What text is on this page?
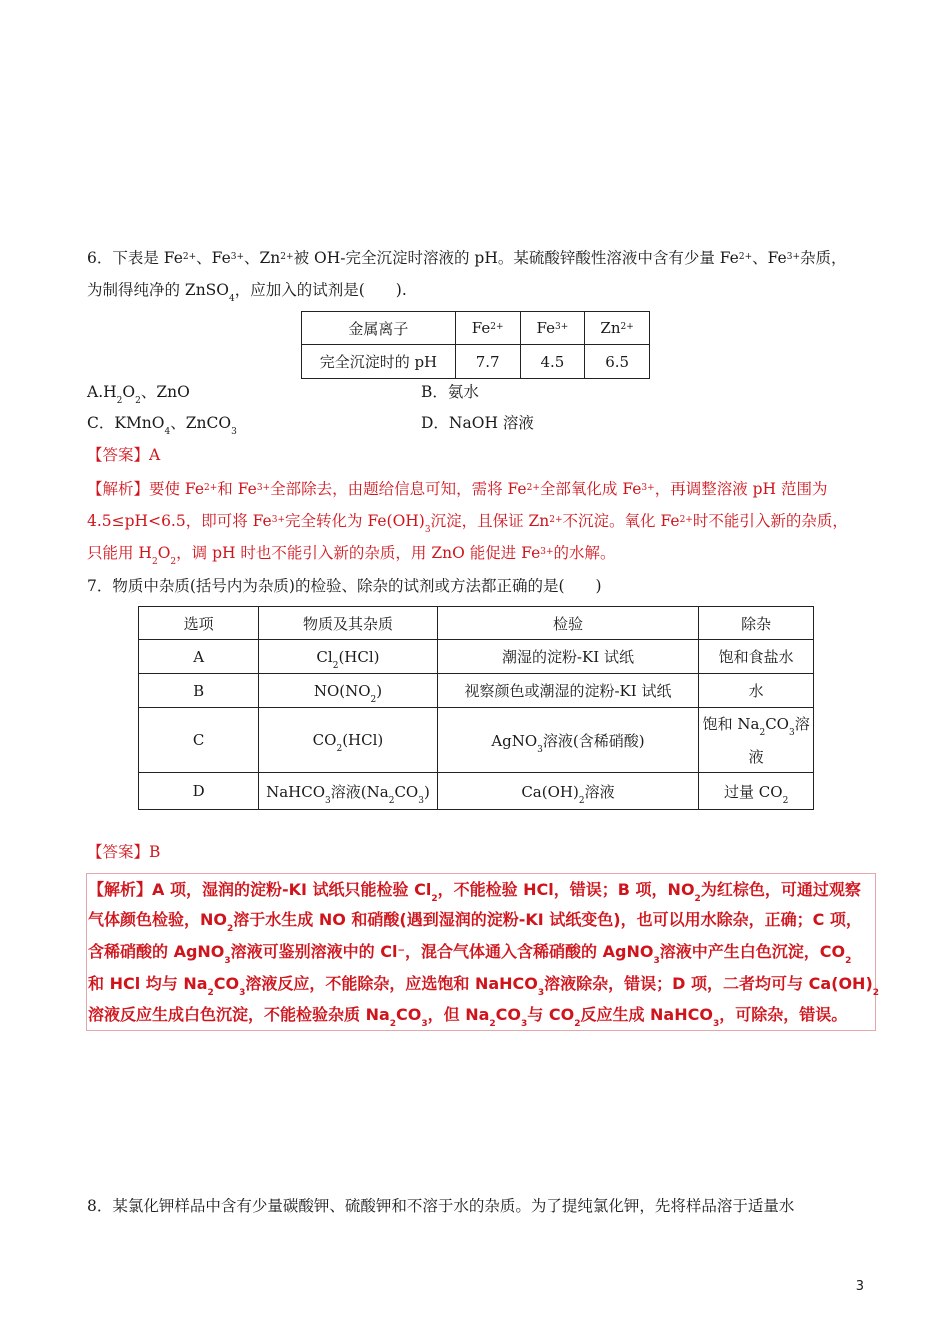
6．下表是 $Fe^{2+}$、$Fe^{3+}$、$Zn^{2+}$被 OH-完全沉淀时溶液的 pH。某硫酸锌酸性溶液中含有少量 $Fe^{2+}$、$Fe^{3+}$杂质，
为制得纯净的 ZnSO$_4$，应加入的试剂是(　　).
金属离子	$Fe^{2+}$	$Fe^{3+}$	$Zn^{2+}$
完全沉淀时的 pH	7.7	4.5	6.5
$A.H_2O_2$、ZnO	B．氨水
C．KMnO$_4$、ZnCO$_3$	D．NaOH 溶液
【答案】A
【解析】要使 $Fe^{2+}$和 $Fe^{3+}$全部除去，由题给信息可知，需将 $Fe^{2+}$全部氧化成 $Fe^{3+}$，再调整溶液 pH 范围为
4.5≤pH<6.5，即可将 $Fe^{3+}$完全转化为 $Fe(OH)_3$沉淀，且保证 $Zn^{2+}$不沉淀。氧化 $Fe^{2+}$时不能引入新的杂质，
只能用 $H_2O_2$，调 pH 时也不能引入新的杂质，用 ZnO 能促进 $Fe^{3+}$的水解。
7．物质中杂质(括号内为杂质)的检验、除杂的试剂或方法都正确的是(　　)
选项	物质及其杂质	检验	除杂
A	$Cl_2(HCl)$	潮湿的淀粉-KI 试纸	饱和食盐水
B	$NO(NO_2)$	视察颜色或潮湿的淀粉-KI 试纸	水
C	$CO_2(HCl)$	AgNO$_3$溶液(含稀硝酸)	饱和 $Na_2CO_3$溶
液
D	NaHCO$_3$溶液$(Na_2CO_3)$	$Ca(OH)_2$溶液	过量 $CO_2$
【答案】B
【解析】A 项，湿润的淀粉-KI 试纸只能检验 $Cl_2$，不能检验 HCl，错误；B 项，$NO_2$为红棕色，可通过观察
气体颜色检验，$NO_2$溶于水生成 NO 和硝酸(遇到湿润的淀粉-KI 试纸变色)，也可以用水除杂，正确；C 项，
含稀硝酸的 AgNO$_3$溶液可鉴别溶液中的 Cl−，混合气体通入含稀硝酸的 AgNO$_3$溶液中产生白色沉淀，$CO_2$
和 HCl 均与 $Na_2CO_3$溶液反应，不能除杂，应选饱和 NaHCO$_3$溶液除杂，错误；D 项，二者均可与 $Ca(OH)_2$
溶液反应生成白色沉淀，不能检验杂质 $Na_2CO_3$，但 $Na_2CO_3$与 $CO_2$反应生成 NaHCO$_3$，可除杂，错误。
8．某氯化钾样品中含有少量碳酸钾、硫酸钾和不溶于水的杂质。为了提纯氯化钾，先将样品溶于适量水
3
